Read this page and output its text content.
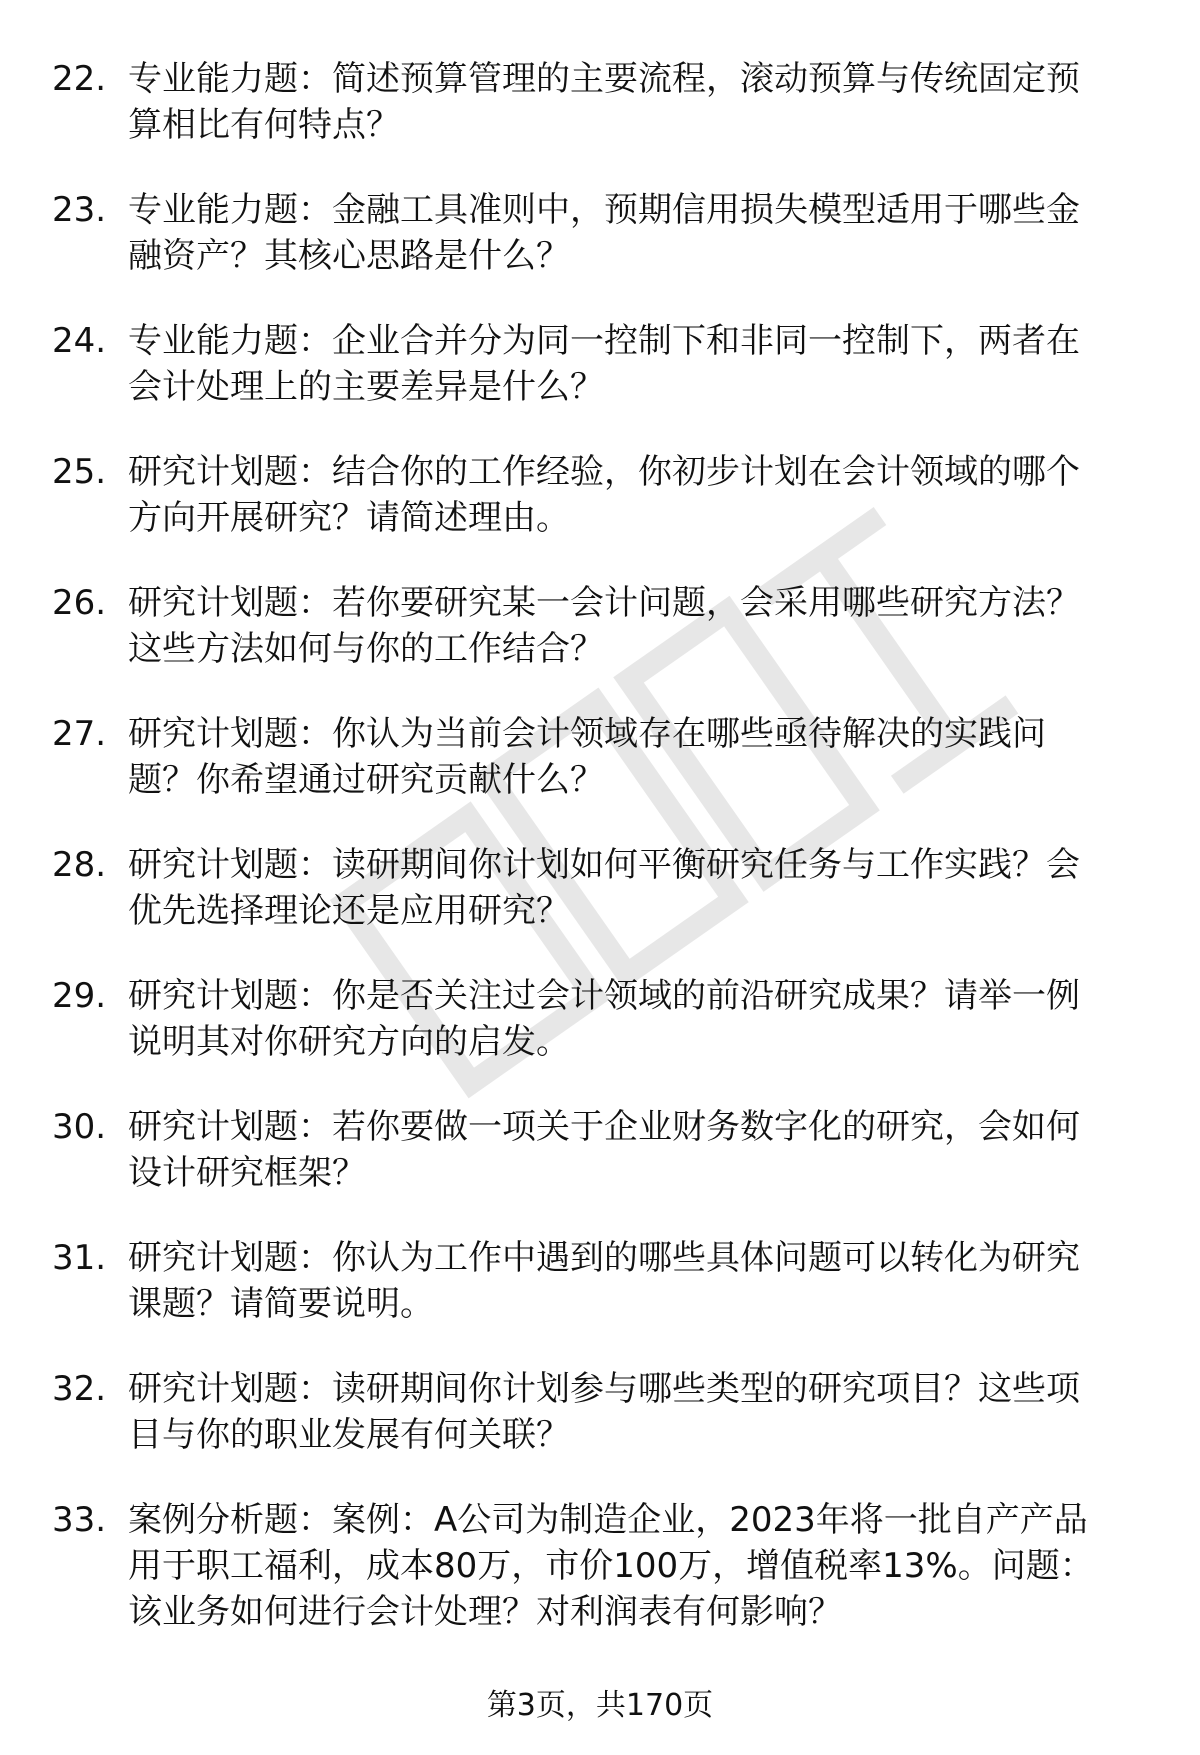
22. 专业能力题：简述预算管理的主要流程，滚动预算与传统固定预
算相比有何特点？
23. 专业能力题：金融工具准则中，预期信用损失模型适用于哪些金
融资产？其核心思路是什么？
24. 专业能力题：企业合并分为同一控制下和非同一控制下，两者在
会计处理上的主要差异是什么？
25. 研究计划题：结合你的工作经验，你初步计划在会计领域的哪个
方向开展研究？请简述理由。
26. 研究计划题：若你要研究某一会计问题，会采用哪些研究方法？
这些方法如何与你的工作结合？
27. 研究计划题：你认为当前会计领域存在哪些亟待解决的实践问
题？你希望通过研究贡献什么？
28. 研究计划题：读研期间你计划如何平衡研究任务与工作实践？会
优先选择理论还是应用研究？
29. 研究计划题：你是否关注过会计领域的前沿研究成果？请举一例
说明其对你研究方向的启发。
30. 研究计划题：若你要做一项关于企业财务数字化的研究，会如何
设计研究框架？
31. 研究计划题：你认为工作中遇到的哪些具体问题可以转化为研究
课题？请简要说明。
32. 研究计划题：读研期间你计划参与哪些类型的研究项目？这些项
目与你的职业发展有何关联？
33. 案例分析题：案例：A公司为制造企业，2023年将一批自产产品
用于职工福利，成本80万，市价100万，增值税率13%。问题：
该业务如何进行会计处理？对利润表有何影响？
第3页，共170页
